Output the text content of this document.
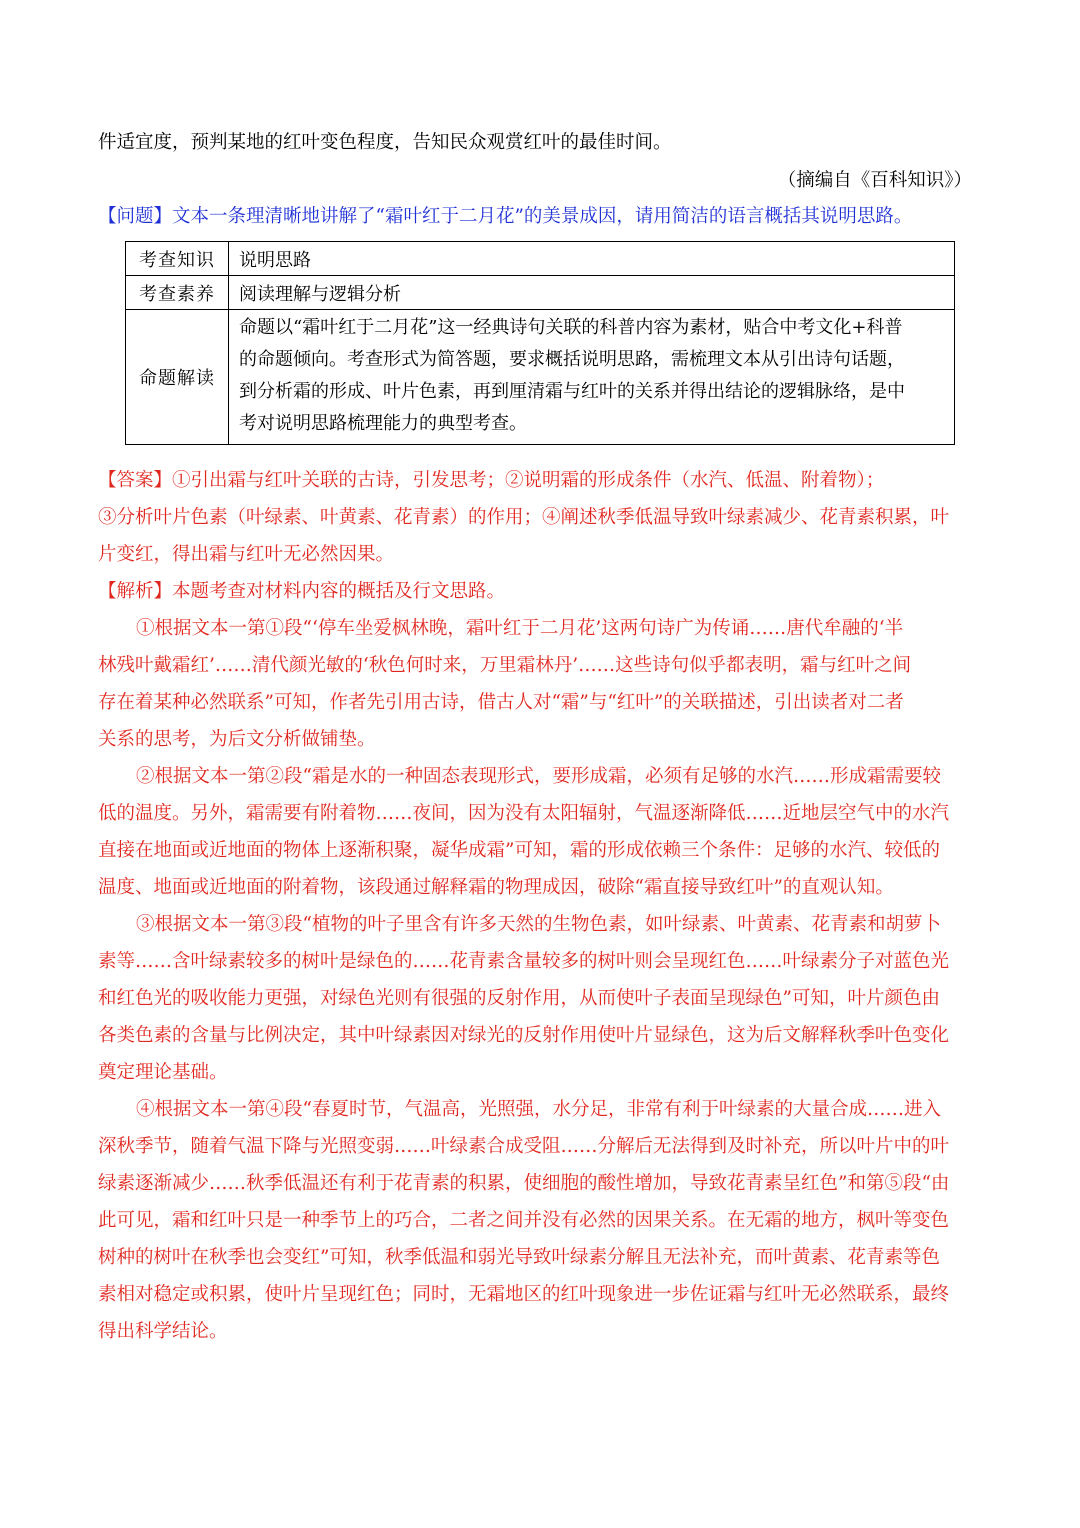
件适宜度，预判某地的红叶变色程度，告知民众观赏红叶的最佳时间。
（摘编自《百科知识》）
【问题】文本一条理清晰地讲解了“霜叶红于二月花”的美景成因，请用简洁的语言概括其说明思路。
考查知识	说明思路
考查素养	阅读理解与逻辑分析
命题解读	命题以“霜叶红于二月花”这一经典诗句关联的科普内容为素材，贴合中考文化+科普
的命题倾向。考查形式为简答题，要求概括说明思路，需梳理文本从引出诗句话题，
到分析霜的形成、叶片色素，再到厘清霜与红叶的关系并得出结论的逻辑脉络，是中
考对说明思路梳理能力的典型考查。
【答案】①引出霜与红叶关联的古诗，引发思考；②说明霜的形成条件（水汽、低温、附着物）；
③分析叶片色素（叶绿素、叶黄素、花青素）的作用；④阐述秋季低温导致叶绿素减少、花青素积累，叶
片变红，得出霜与红叶无必然因果。
【解析】本题考查对材料内容的概括及行文思路。
①根据文本一第①段“‘停车坐爱枫林晚，霜叶红于二月花’这两句诗广为传诵……唐代牟融的‘半
林残叶戴霜红’……清代颜光敏的‘秋色何时来，万里霜林丹’……这些诗句似乎都表明，霜与红叶之间
存在着某种必然联系”可知，作者先引用古诗，借古人对“霜”与“红叶”的关联描述，引出读者对二者
关系的思考，为后文分析做铺垫。
②根据文本一第②段“霜是水的一种固态表现形式，要形成霜，必须有足够的水汽……形成霜需要较
低的温度。另外，霜需要有附着物……夜间，因为没有太阳辐射，气温逐渐降低……近地层空气中的水汽
直接在地面或近地面的物体上逐渐积聚，凝华成霜”可知，霜的形成依赖三个条件：足够的水汽、较低的
温度、地面或近地面的附着物，该段通过解释霜的物理成因，破除“霜直接导致红叶”的直观认知。
③根据文本一第③段“植物的叶子里含有许多天然的生物色素，如叶绿素、叶黄素、花青素和胡萝卜
素等……含叶绿素较多的树叶是绿色的……花青素含量较多的树叶则会呈现红色……叶绿素分子对蓝色光
和红色光的吸收能力更强，对绿色光则有很强的反射作用，从而使叶子表面呈现绿色”可知，叶片颜色由
各类色素的含量与比例决定，其中叶绿素因对绿光的反射作用使叶片显绿色，这为后文解释秋季叶色变化
奠定理论基础。
④根据文本一第④段“春夏时节，气温高，光照强，水分足，非常有利于叶绿素的大量合成……进入
深秋季节，随着气温下降与光照变弱……叶绿素合成受阻……分解后无法得到及时补充，所以叶片中的叶
绿素逐渐减少……秋季低温还有利于花青素的积累，使细胞的酸性增加，导致花青素呈红色”和第⑤段“由
此可见，霜和红叶只是一种季节上的巧合，二者之间并没有必然的因果关系。在无霜的地方，枫叶等变色
树种的树叶在秋季也会变红”可知，秋季低温和弱光导致叶绿素分解且无法补充，而叶黄素、花青素等色
素相对稳定或积累，使叶片呈现红色；同时，无霜地区的红叶现象进一步佐证霜与红叶无必然联系，最终
得出科学结论。
